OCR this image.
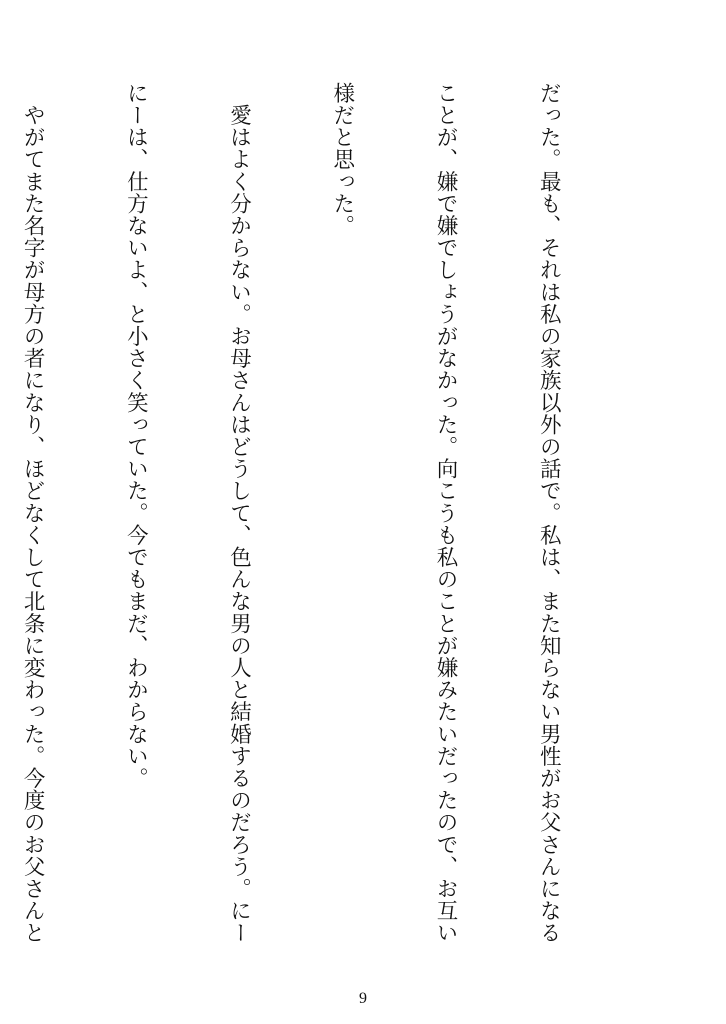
だった。最も、それは私の家族以外の話で。私は、また知らない男性がお父さんになる

ことが、嫌で嫌でしょうがなかった。向こうも私のことが嫌みたいだったので、お互い

様だと思った。

　愛はよく分からない。お母さんはどうして、色んな男の人と結婚するのだろう。にー

にーは、仕方ないよ、と小さく笑っていた。今でもまだ、わからない。

　やがてまた名字が母方の者になり、ほどなくして北条に変わった。今度のお父さんと

9
